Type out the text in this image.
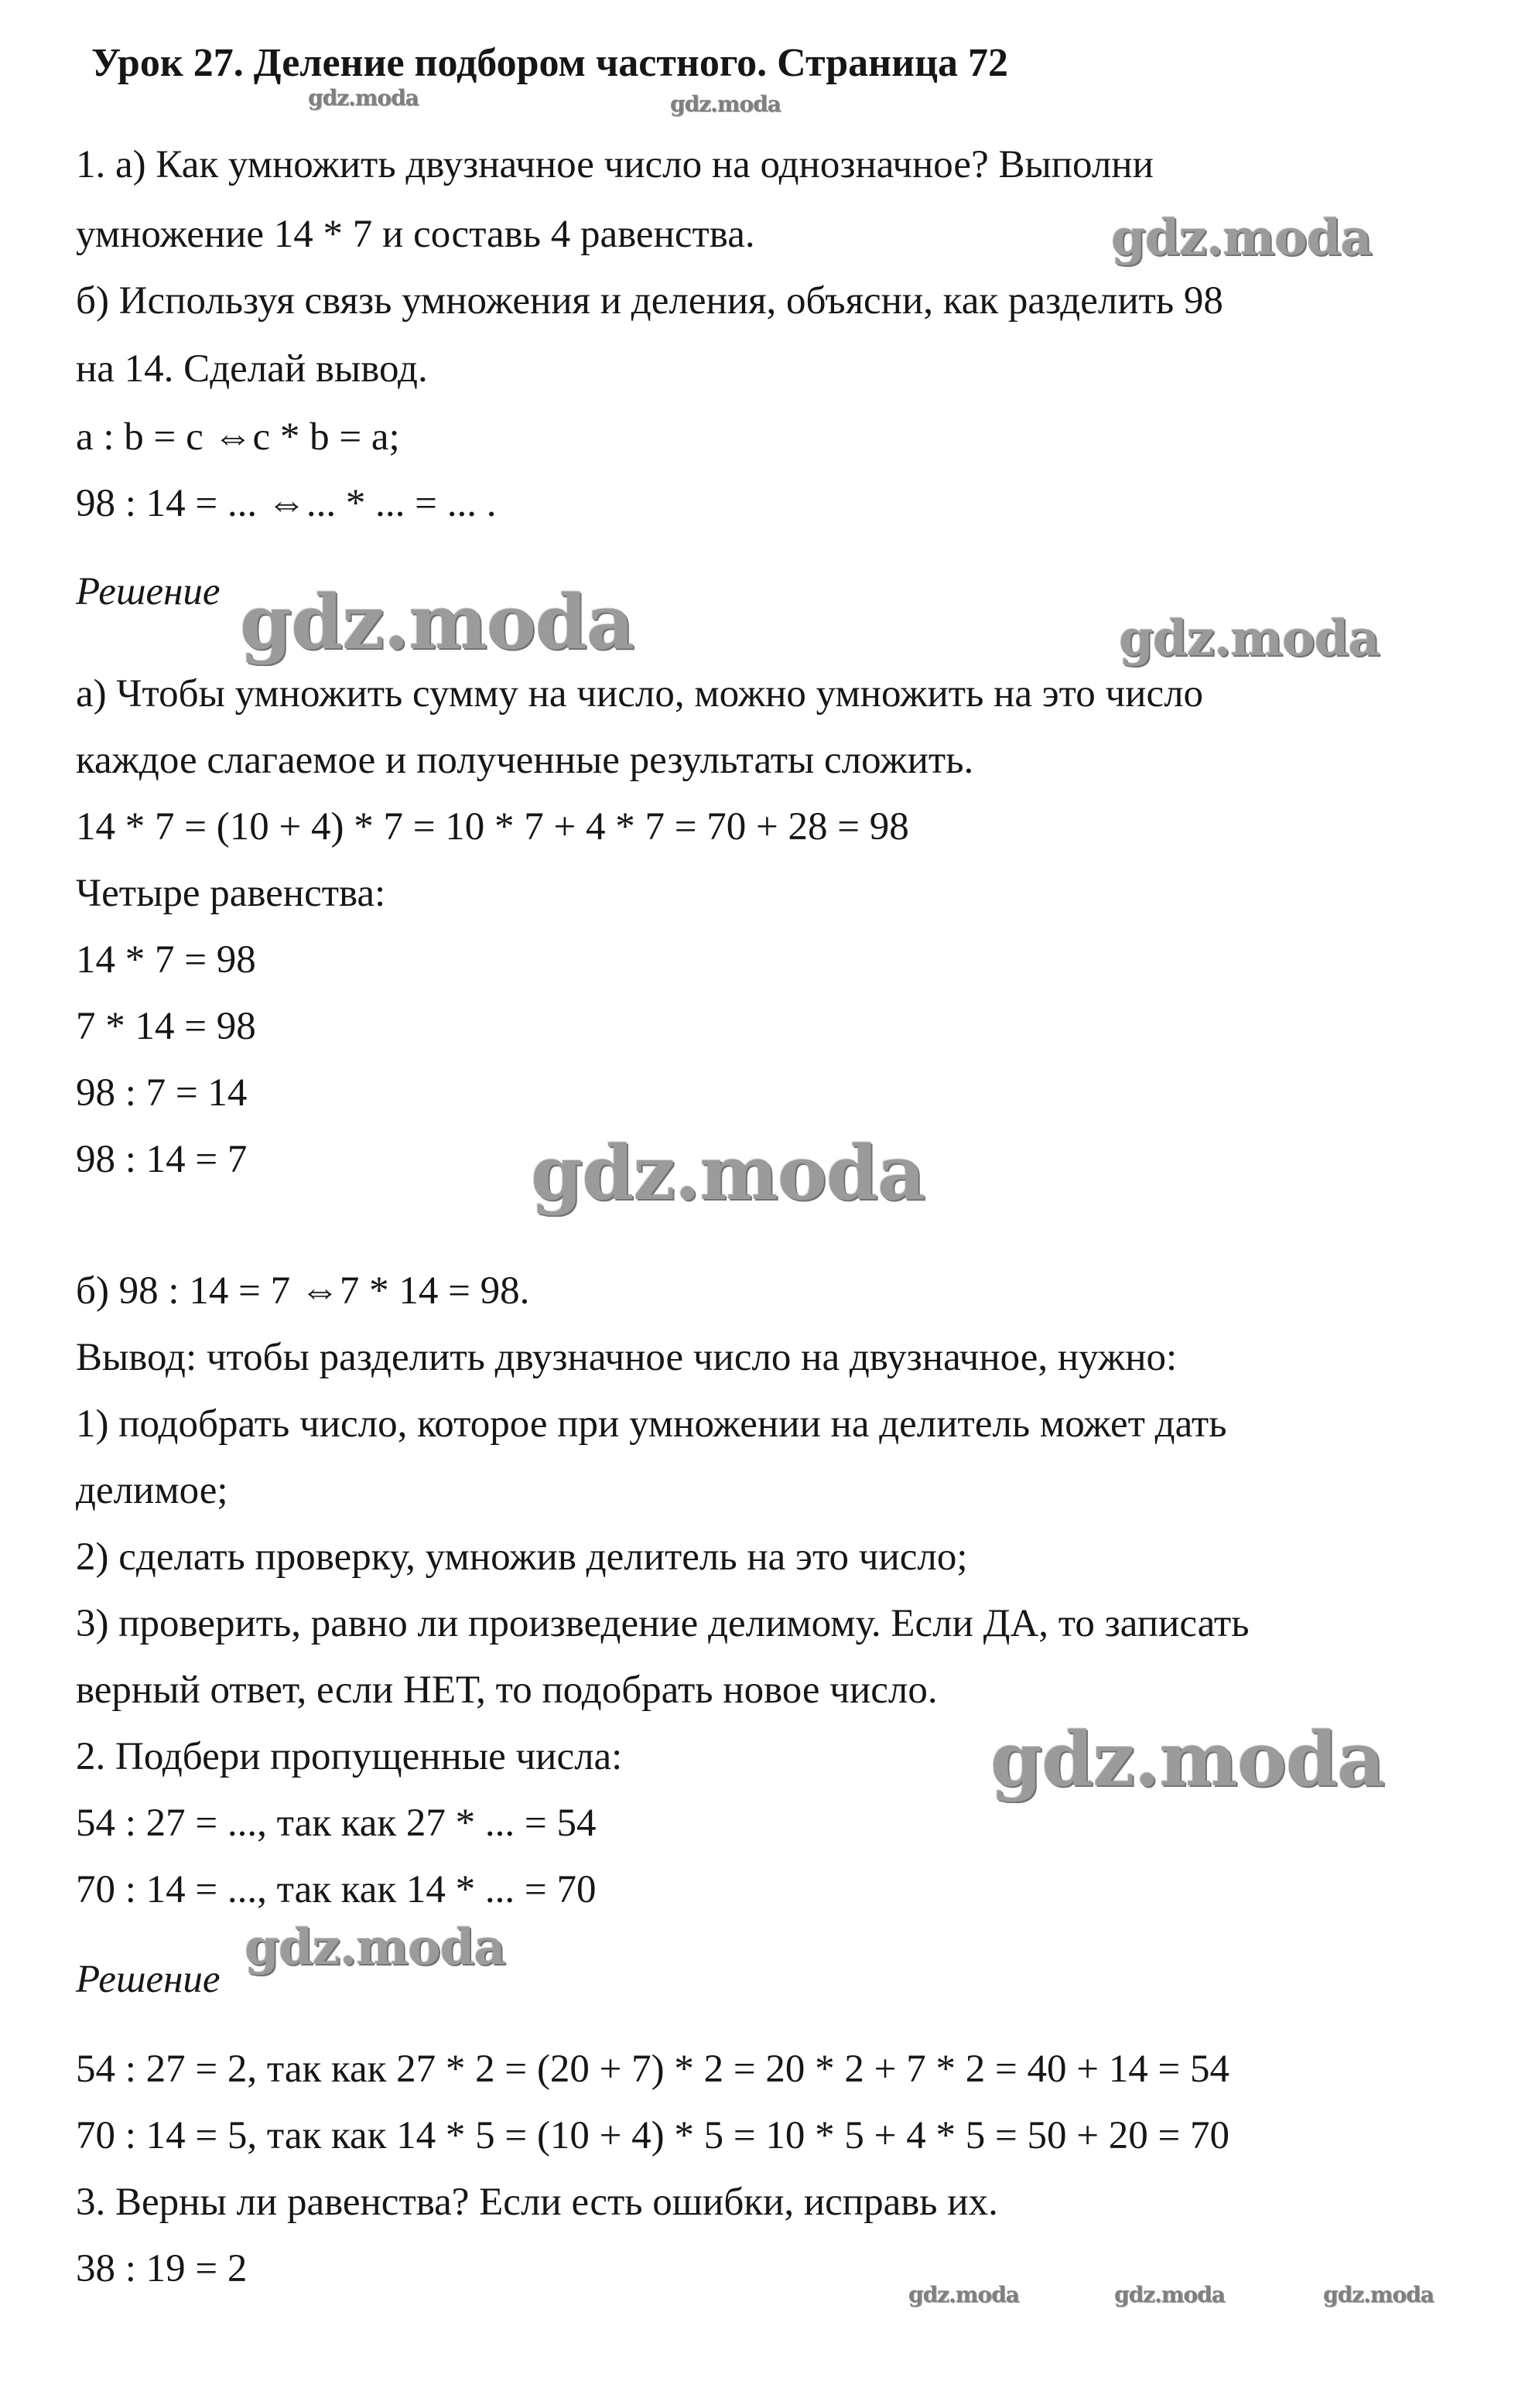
Урок 27. Деление подбором частного. Страница 72
1. а) Как умножить двузначное число на однозначное? Выполни
умножение 14 * 7 и составь 4 равенства.
б) Используя связь умножения и деления, объясни, как разделить 98
на 14. Сделай вывод.
a : b = c ⇔c * b = a;
98 : 14 = ... ⇔... * ... = ... .
Решение
а) Чтобы умножить сумму на число, можно умножить на это число
каждое слагаемое и полученные результаты сложить.
14 * 7 = (10 + 4) * 7 = 10 * 7 + 4 * 7 = 70 + 28 = 98
Четыре равенства:
14 * 7 = 98
7 * 14 = 98
98 : 7 = 14
98 : 14 = 7
б) 98 : 14 = 7 ⇔7 * 14 = 98.
Вывод: чтобы разделить двузначное число на двузначное, нужно:
1) подобрать число, которое при умножении на делитель может дать
делимое;
2) сделать проверку, умножив делитель на это число;
3) проверить, равно ли произведение делимому. Если ДА, то записать
верный ответ, если НЕТ, то подобрать новое число.
2. Подбери пропущенные числа:
54 : 27 = ..., так как 27 * ... = 54
70 : 14 = ..., так как 14 * ... = 70
Решение
54 : 27 = 2, так как 27 * 2 = (20 + 7) * 2 = 20 * 2 + 7 * 2 = 40 + 14 = 54
70 : 14 = 5, так как 14 * 5 = (10 + 4) * 5 = 10 * 5 + 4 * 5 = 50 + 20 = 70
3. Верны ли равенства? Если есть ошибки, исправь их.
38 : 19 = 2
gdz.moda	gdz.moda
gdz.moda
gdz.moda	gdz.moda
gdz.moda
gdz.moda
gdz.moda
gdz.moda	gdz.moda	gdz.moda
